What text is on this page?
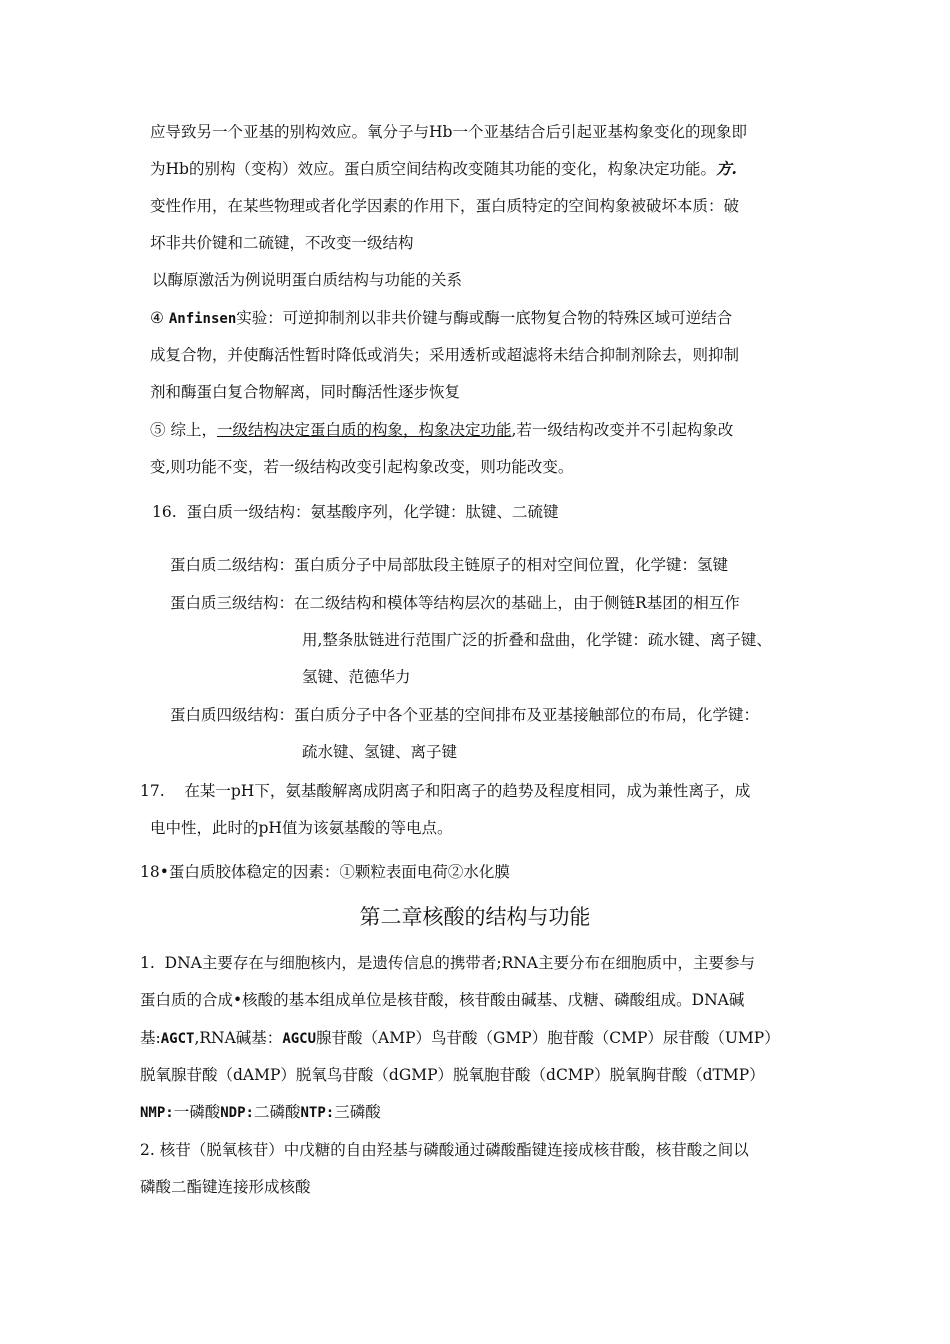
应导致另一个亚基的别构效应。氧分子与Hb一个亚基结合后引起亚基构象变化的现象即
为Hb的别构（变构）效应。蛋白质空间结构改变随其功能的变化，构象决定功能。方.
变性作用，在某些物理或者化学因素的作用下，蛋白质特定的空间构象被破坏本质：破
坏非共价键和二硫键，不改变一级结构
以酶原激活为例说明蛋白质结构与功能的关系
④ Anfinsen实验：可逆抑制剂以非共价键与酶或酶一底物复合物的特殊区域可逆结合
成复合物，并使酶活性暂时降低或消失；采用透析或超滤将未结合抑制剂除去，则抑制
剂和酶蛋白复合物解离，同时酶活性逐步恢复
⑤ 综上，一级结构决定蛋白质的构象，构象决定功能,若一级结构改变并不引起构象改
变,则功能不变，若一级结构改变引起构象改变，则功能改变。
16. 蛋白质一级结构：氨基酸序列，化学键：肽键、二硫键
蛋白质二级结构：蛋白质分子中局部肽段主链原子的相对空间位置，化学键：氢键
蛋白质三级结构：在二级结构和模体等结构层次的基础上，由于侧链R基团的相互作
用,整条肽链进行范围广泛的折叠和盘曲，化学键：疏水键、离子键、
氢键、范德华力
蛋白质四级结构：蛋白质分子中各个亚基的空间排布及亚基接触部位的布局，化学键：
疏水键、氢键、离子键
17. 在某一pH下，氨基酸解离成阴离子和阳离子的趋势及程度相同，成为兼性离子，成
电中性，此时的pH值为该氨基酸的等电点。
18•蛋白质胶体稳定的因素：①颗粒表面电荷②水化膜
第二章核酸的结构与功能
1. DNA主要存在与细胞核内，是遗传信息的携带者;RNA主要分布在细胞质中，主要参与
蛋白质的合成•核酸的基本组成单位是核苷酸，核苷酸由碱基、戊糖、磷酸组成。DNA碱
基:AGCT,RNA碱基：AGCU腺苷酸（AMP）鸟苷酸（GMP）胞苷酸（CMP）尿苷酸（UMP）
脱氧腺苷酸（dAMP）脱氧鸟苷酸（dGMP）脱氧胞苷酸（dCMP）脱氧胸苷酸（dTMP）
NMP:一磷酸NDP:二磷酸NTP:三磷酸
2. 核苷（脱氧核苷）中戊糖的自由羟基与磷酸通过磷酸酯键连接成核苷酸，核苷酸之间以
磷酸二酯键连接形成核酸
